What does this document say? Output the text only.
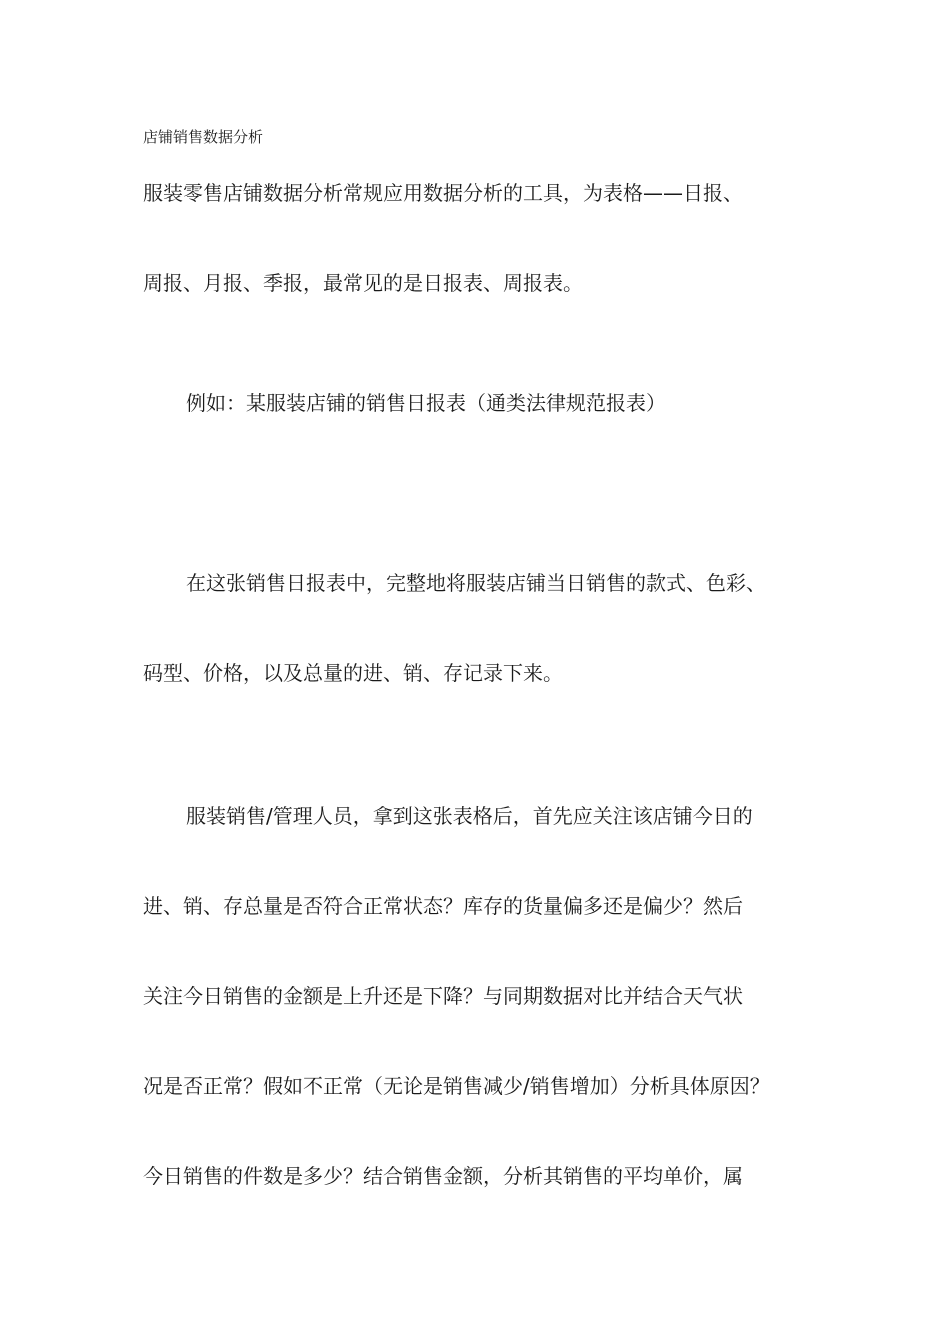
店铺销售数据分析
服装零售店铺数据分析常规应用数据分析的工具，为表格——日报、
周报、月报、季报，最常见的是日报表、周报表。
例如：某服装店铺的销售日报表（通类法律规范报表）
在这张销售日报表中，完整地将服装店铺当日销售的款式、色彩、
码型、价格，以及总量的进、销、存记录下来。
服装销售/管理人员，拿到这张表格后，首先应关注该店铺今日的
进、销、存总量是否符合正常状态？库存的货量偏多还是偏少？然后
关注今日销售的金额是上升还是下降？与同期数据对比并结合天气状
况是否正常？假如不正常（无论是销售减少/销售增加）分析具体原因？
今日销售的件数是多少？结合销售金额，分析其销售的平均单价，属
